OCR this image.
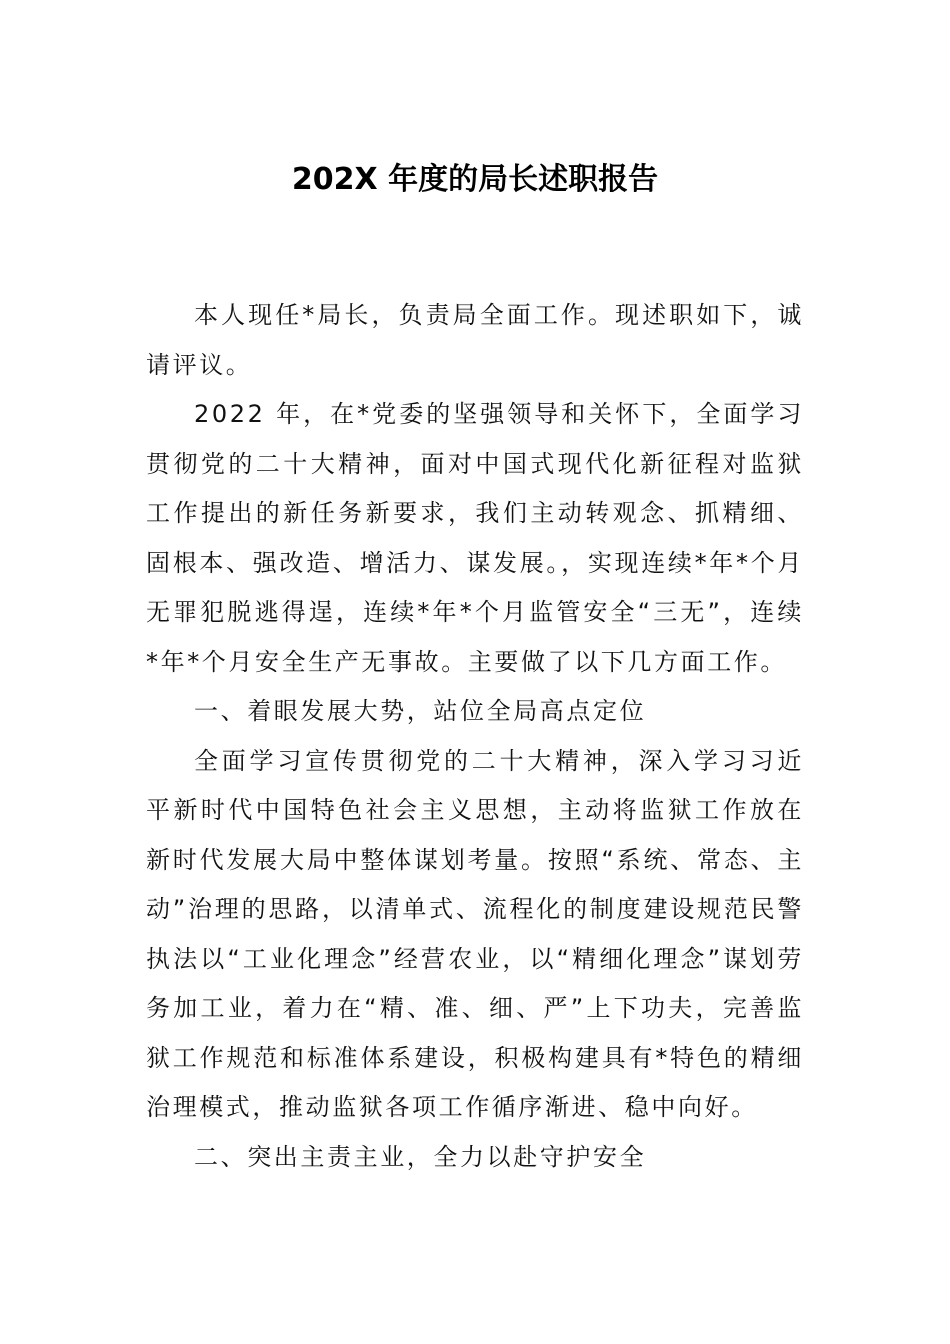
202X 年度的局长述职报告

本人现任*局长，负责局全面工作。现述职如下，诚请评议。

2022 年，在*党委的坚强领导和关怀下，全面学习贯彻党的二十大精神，面对中国式现代化新征程对监狱工作提出的新任务新要求，我们主动转观念、抓精细、固根本、强改造、增活力、谋发展。，实现连续*年*个月无罪犯脱逃得逞，连续*年*个月监管安全“三无”，连续*年*个月安全生产无事故。主要做了以下几方面工作。

一、着眼发展大势，站位全局高点定位

全面学习宣传贯彻党的二十大精神，深入学习习近平新时代中国特色社会主义思想，主动将监狱工作放在新时代发展大局中整体谋划考量。按照“系统、常态、主动”治理的思路，以清单式、流程化的制度建设规范民警执法以“工业化理念”经营农业，以“精细化理念”谋划劳务加工业，着力在“精、准、细、严”上下功夫，完善监狱工作规范和标准体系建设，积极构建具有*特色的精细治理模式，推动监狱各项工作循序渐进、稳中向好。

二、突出主责主业，全力以赴守护安全
